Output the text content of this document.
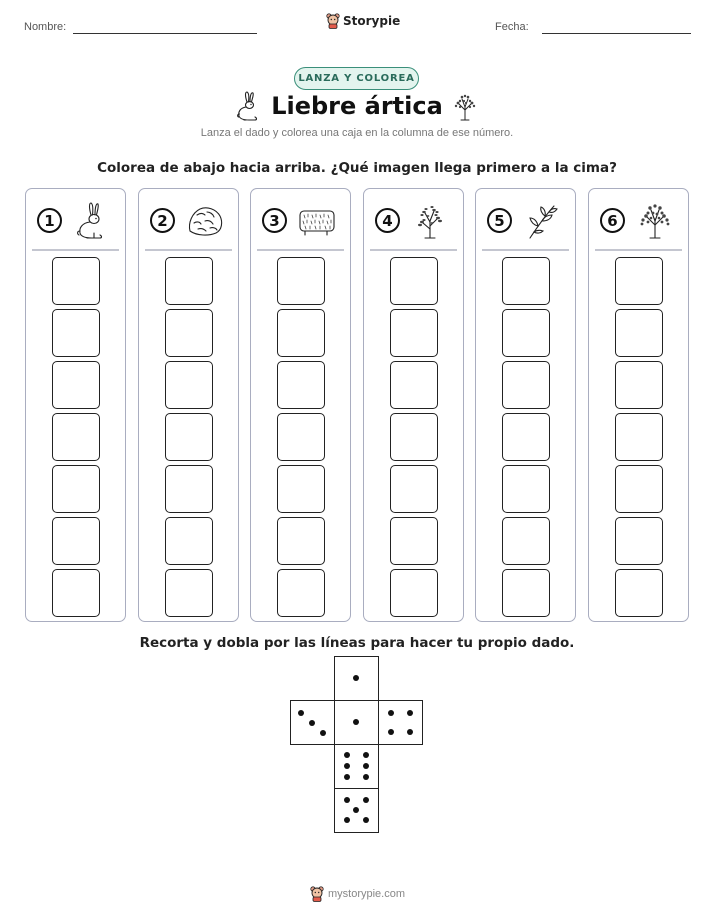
Nombre:	Storypie	Fecha:
LANZA Y COLOREA
Liebre ártica
Lanza el dado y colorea una caja en la columna de ese número.
Colorea de abajo hacia arriba. ¿Qué imagen llega primero a la cima?
1	2	3	4	5	6
Recorta y dobla por las líneas para hacer tu propio dado.
mystorypie.com
